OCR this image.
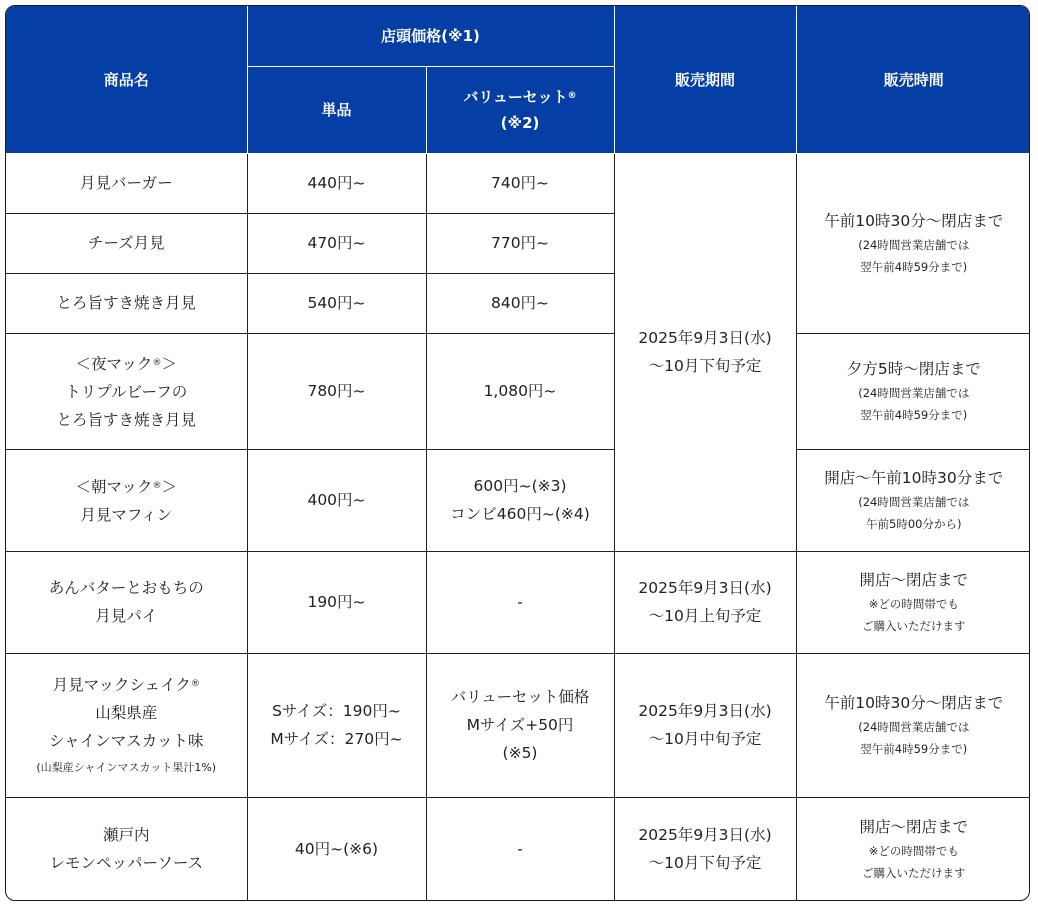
商品名	店頭価格(※1)		販売期間	販売時間
	単品	バリューセット®
(※2)		

月見バーガー	440円~	740円~	2025年9月3日(水)
〜10月下旬予定	午前10時30分〜閉店まで
(24時間営業店舗では
翌午前4時59分まで)

チーズ月見	470円~	770円~		
とろ旨すき焼き月見	540円~	840円~		

＜夜マック®＞
トリプルビーフの
とろ旨すき焼き月見	780円~	1,080円~		夕方5時〜閉店まで
(24時間営業店舗では
翌午前4時59分まで)

＜朝マック®＞
月見マフィン	400円~	600円~(※3)
コンビ460円~(※4)		開店〜午前10時30分まで
(24時間営業店舗では
午前5時00分から)

あんバターとおもちの
月見パイ	190円~	-	2025年9月3日(水)
〜10月上旬予定	開店〜閉店まで
※どの時間帯でも
ご購入いただけます

月見マックシェイク®
山梨県産
シャインマスカット味
(山梨産シャインマスカット果汁1%)	Sサイズ：190円~
Mサイズ：270円~	バリューセット価格
Mサイズ+50円
(※5)	2025年9月3日(水)
〜10月中旬予定	午前10時30分〜閉店まで
(24時間営業店舗では
翌午前4時59分まで)

瀬戸内
レモンペッパーソース	40円~(※6)	-	2025年9月3日(水)
〜10月下旬予定	開店〜閉店まで
※どの時間帯でも
ご購入いただけます
